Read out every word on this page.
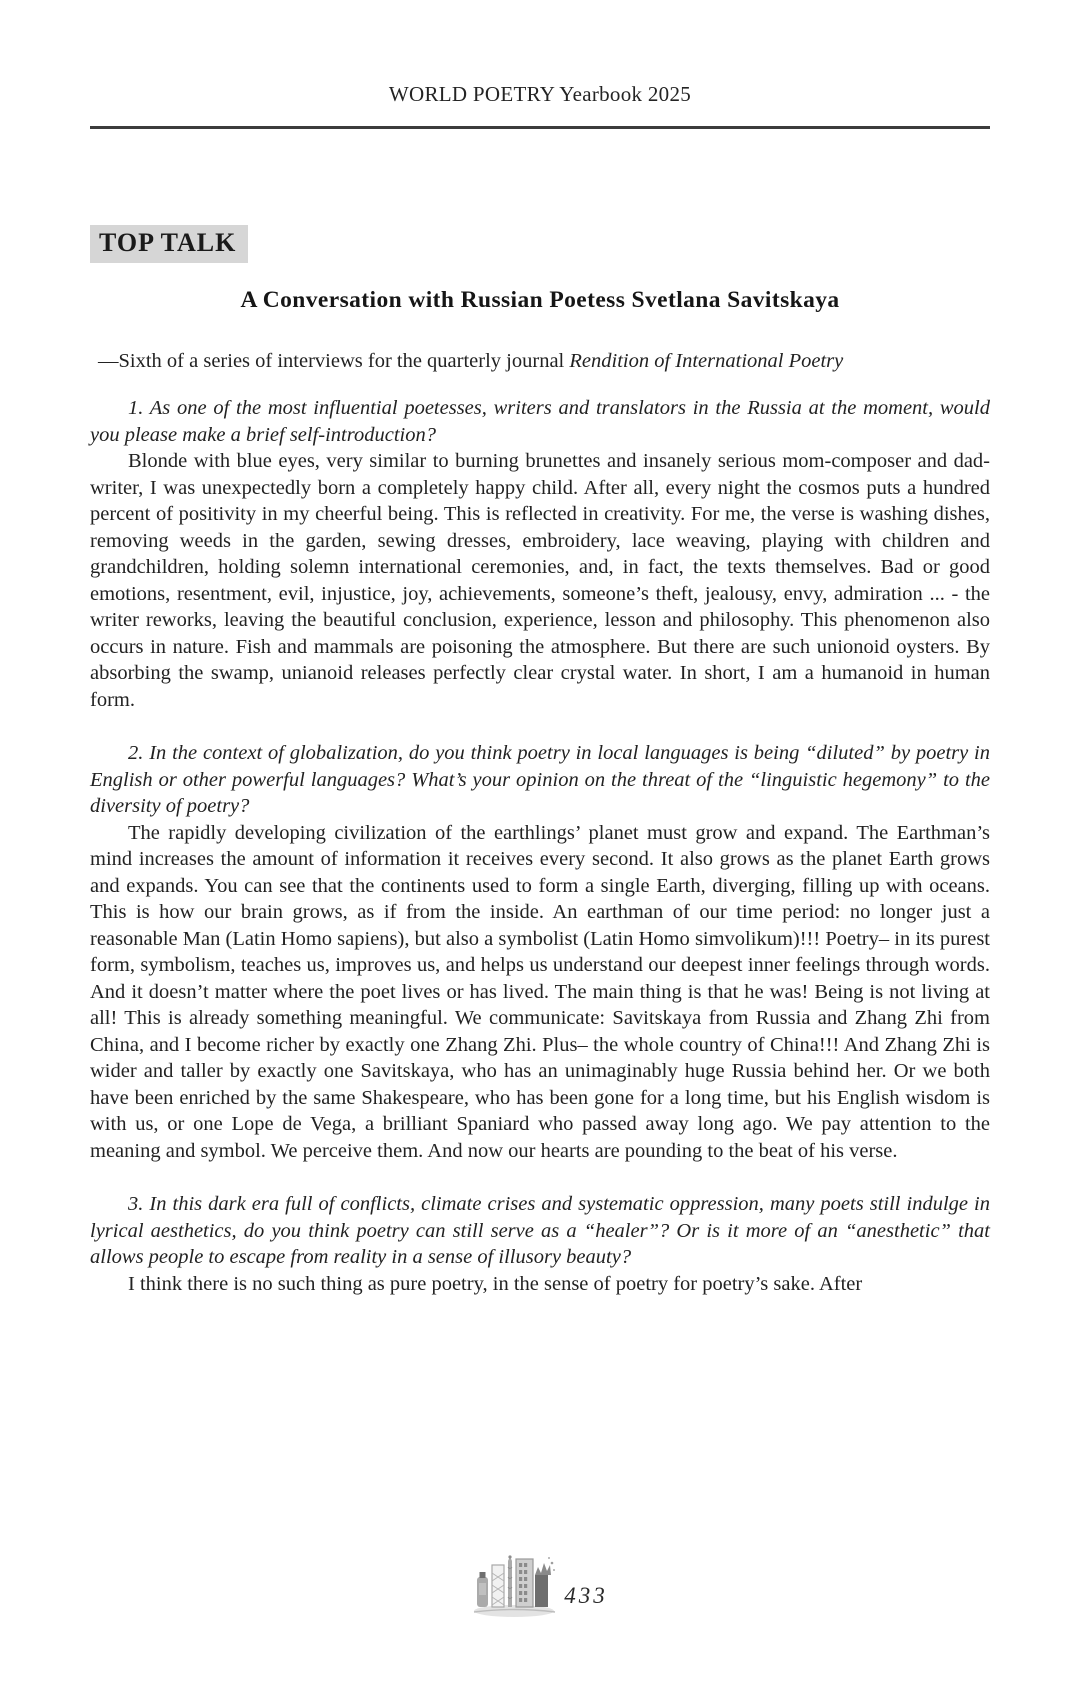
WORLD POETRY Yearbook 2025
TOP TALK
A Conversation with Russian Poetess Svetlana Savitskaya

—Sixth of a series of interviews for the quarterly journal Rendition of International Poetry

1. As one of the most influential poetesses, writers and translators in the Russia at the moment, would you please make a brief self-introduction?

Blonde with blue eyes, very similar to burning brunettes and insanely serious mom-composer and dad-writer, I was unexpectedly born a completely happy child. After all, every night the cosmos puts a hundred percent of positivity in my cheerful being. This is reflected in creativity. For me, the verse is washing dishes, removing weeds in the garden, sewing dresses, embroidery, lace weaving, playing with children and grandchildren, holding solemn international ceremonies, and, in fact, the texts themselves. Bad or good emotions, resentment, evil, injustice, joy, achievements, someone’s theft, jealousy, envy, admiration ... - the writer reworks, leaving the beautiful conclusion, experience, lesson and philosophy. This phenomenon also occurs in nature. Fish and mammals are poisoning the atmosphere. But there are such unionoid oysters. By absorbing the swamp, unianoid releases perfectly clear crystal water. In short, I am a humanoid in human form.

2. In the context of globalization, do you think poetry in local languages is being “diluted” by poetry in English or other powerful languages? What’s your opinion on the threat of the “linguistic hegemony” to the diversity of poetry?

The rapidly developing civilization of the earthlings’ planet must grow and expand. The Earthman’s mind increases the amount of information it receives every second. It also grows as the planet Earth grows and expands. You can see that the continents used to form a single Earth, diverging, filling up with oceans. This is how our brain grows, as if from the inside. An earthman of our time period: no longer just a reasonable Man (Latin Homo sapiens), but also a symbolist (Latin Homo simvolikum)!!! Poetry– in its purest form, symbolism, teaches us, improves us, and helps us understand our deepest inner feelings through words. And it doesn’t matter where the poet lives or has lived. The main thing is that he was! Being is not living at all! This is already something meaningful. We communicate: Savitskaya from Russia and Zhang Zhi from China, and I become richer by exactly one Zhang Zhi. Plus– the whole country of China!!! And Zhang Zhi is wider and taller by exactly one Savitskaya, who has an unimaginably huge Russia behind her. Or we both have been enriched by the same Shakespeare, who has been gone for a long time, but his English wisdom is with us, or one Lope de Vega, a brilliant Spaniard who passed away long ago. We pay attention to the meaning and symbol. We perceive them. And now our hearts are pounding to the beat of his verse.

3. In this dark era full of conflicts, climate crises and systematic oppression, many poets still indulge in lyrical aesthetics, do you think poetry can still serve as a “healer”? Or is it more of an “anesthetic” that allows people to escape from reality in a sense of illusory beauty?

I think there is no such thing as pure poetry, in the sense of poetry for poetry’s sake. After

433
